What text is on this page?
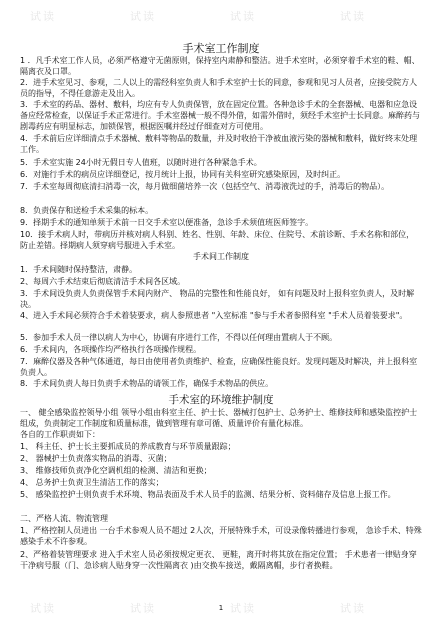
试读	试读	试读	试读
试读	试读	试读	试读
手术室工作制度

1 ．凡手术室工作人员，必须严格遵守无菌原则，保持室内肃静和整洁。进手术室时，必须穿着手术室的鞋、帽、隔离衣及口罩。

2．进手术室见习、参观，二人以上的需经科室负责人和手术室护士长的同意，参观和见习人员者，应接受院方人员的指导，不得任意游走及出入。

3．手术室的药品、器材、敷料，均应有专人负责保管，放在固定位置。各种急诊手术的全套器械、电器和应急设备应经常检查，以保证手术正常进行。手术室器械一般不得外借，如需外借时，须经手术室护士长同意。麻醉药与剧毒药应有明显标志，加锁保管，根据医嘱并经过仔细查对方可使用。

4．手术前后应详细清点手术器械、敷料等物品的数量，并及时收拾干净被血液污染的器械和敷料，做好终末处理工作。

5．手术室实施 24小时无假日专人值班，以随时进行各种紧急手术。

6．对施行手术的病员应详细登记，按月统计上报，协同有关科室研究感染原因，及时纠正。

7．手术室每周彻底清扫消毒一次，每月做细菌培养一次（包括空气、消毒液洗过的手，消毒后的物品）。

8．负责保存和送检手术采集的标本。

9．择期手术的通知单须于术前一日交手术室以便准备，急诊手术须值班医师签字。

10．接手术病人时，带病历并核对病人科别、姓名、性别、年龄、床位、住院号、术前诊断、手术名称和部位，防止差错。择期病人须穿病号服进入手术室。

手术间工作制度

1．手术间随时保持整洁，肃静。

2、每周六手术结束后彻底清洁手术间各区域。

3．手术间设负责人负责保管手术间内财产、 物品的完整性和性能良好， 如有问题及时上报科室负责人，及时解决。

4、进入手术间必须符合手术着装要求，病人参照患者 "入室标准 "参与手术者参照科室 "手术人员着装要求"。

5．参加手术人员一律以病人为中心，协调有序进行工作，不得以任何理由置病人于不顾。

6．手术间内，各项操作均严格执行各项操作规程。

7．麻醉仪器及各种气体通道，每日由使用者负责维护、检查，应确保性能良好。发现问题及时解决，并上报科室负责人。

8．手术间负责人每日负责手术物品的请领工作，确保手术物品的供应。

手术室的环境维护制度

一、 健全感染监控领导小组 领导小组由科室主任、护士长、器械打包护士、总务护士、维修技师和感染监控护士组成，负责制定工作制度和质量标准，做到管理有章可循、质量评价有量化标准。

各自的工作职责如下：

1、 科主任、护士长主要抓成员的养成教育与环节质量跟踪；

2、 器械护士负责落实物品的消毒、灭菌；

3、 维修技师负责净化空调机组的检测、清洁和更换；

4、 总务护士负责卫生清洁工作的落实；

5、 感染监控护士则负责手术环境、物品表面及手术人员手的监测、结果分析、资料储存及信息上报工作。

二、严格人流、物流管理

1、严格控制人员进出 一台手术参观人员不超过 2人次，开展特殊手术，可设录像转播进行参观， 急诊手术、特殊感染手术不许参观。

2、严格着装管理要求 进入手术室人员必须按规定更衣、 更鞋，离开时将其放在指定位置； 手术患者一律贴身穿干净病号服（门、急诊病人贴身穿一次性隔离衣 )由交换车接送，戴隔离帽，步行者换鞋。

1
